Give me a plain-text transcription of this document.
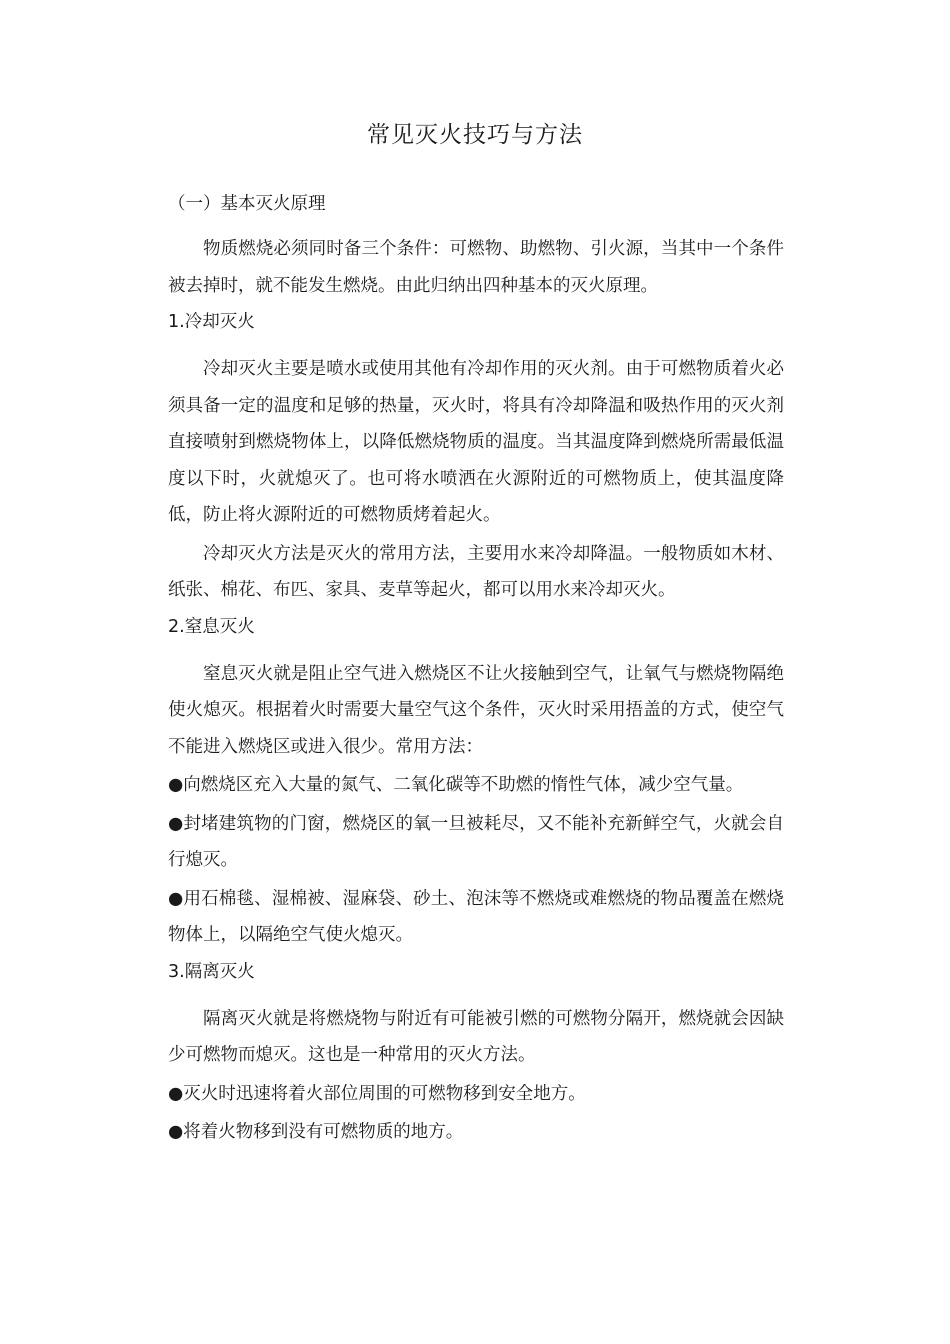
常见灭火技巧与方法
（一）基本灭火原理

物质燃烧必须同时备三个条件：可燃物、助燃物、引火源，当其中一个条件被去掉时，就不能发生燃烧。由此归纳出四种基本的灭火原理。

1.冷却灭火

冷却灭火主要是喷水或使用其他有冷却作用的灭火剂。由于可燃物质着火必须具备一定的温度和足够的热量，灭火时，将具有冷却降温和吸热作用的灭火剂直接喷射到燃烧物体上，以降低燃烧物质的温度。当其温度降到燃烧所需最低温度以下时，火就熄灭了。也可将水喷洒在火源附近的可燃物质上，使其温度降低，防止将火源附近的可燃物质烤着起火。

冷却灭火方法是灭火的常用方法，主要用水来冷却降温。一般物质如木材、纸张、棉花、布匹、家具、麦草等起火，都可以用水来冷却灭火。

2.窒息灭火

窒息灭火就是阻止空气进入燃烧区不让火接触到空气，让氧气与燃烧物隔绝使火熄灭。根据着火时需要大量空气这个条件，灭火时采用捂盖的方式，使空气不能进入燃烧区或进入很少。常用方法：

●向燃烧区充入大量的氮气、二氧化碳等不助燃的惰性气体，减少空气量。

●封堵建筑物的门窗，燃烧区的氧一旦被耗尽，又不能补充新鲜空气，火就会自行熄灭。

●用石棉毯、湿棉被、湿麻袋、砂土、泡沫等不燃烧或难燃烧的物品覆盖在燃烧物体上，以隔绝空气使火熄灭。

3.隔离灭火

隔离灭火就是将燃烧物与附近有可能被引燃的可燃物分隔开，燃烧就会因缺少可燃物而熄灭。这也是一种常用的灭火方法。

●灭火时迅速将着火部位周围的可燃物移到安全地方。

●将着火物移到没有可燃物质的地方。
